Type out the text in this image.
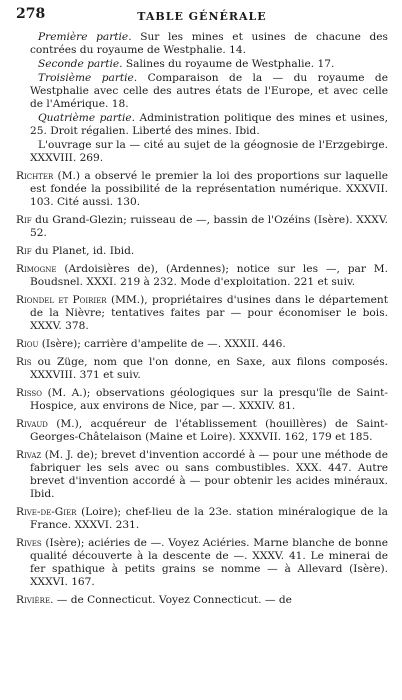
278	TABLE GÉNÉRALE

Première partie. Sur les mines et usines de chacune des contrées du royaume de Westphalie. 14.

Seconde partie. Salines du royaume de Westphalie. 17.

Troisième partie. Comparaison de la — du royaume de Westphalie avec celle des autres états de l'Europe, et avec celle de l'Amérique. 18.

Quatrième partie. Administration politique des mines et usines, 25. Droit régalien. Liberté des mines. Ibid.

L'ouvrage sur la — cité au sujet de la géognosie de l'Erzgebirge. XXXVIII. 269.

Richter (M.) a observé le premier la loi des proportions sur laquelle est fondée la possibilité de la représentation numérique. XXXVII. 103. Cité aussi. 130.

Rif du Grand-Glezin; ruisseau de —, bassin de l'Ozéins (Isère). XXXV. 52.

Rif du Planet, id. Ibid.

Rimogne (Ardoisières de), (Ardennes); notice sur les —, par M. Boudsnel. XXXI. 219 à 232. Mode d'exploitation. 221 et suiv.

Riondel et Poirier (MM.), propriétaires d'usines dans le département de la Nièvre; tentatives faites par — pour économiser le bois. XXXV. 378.

Riou (Isère); carrière d'ampelite de —. XXXII. 446.

Ris ou Züge, nom que l'on donne, en Saxe, aux filons composés. XXXVIII. 371 et suiv.

Risso (M. A.); observations géologiques sur la presqu'île de Saint-Hospice, aux environs de Nice, par —. XXXIV. 81.

Rivaud (M.), acquéreur de l'établissement (houillères) de Saint-Georges-Châtelaison (Maine et Loire). XXXVII. 162, 179 et 185.

Rivaz (M. J. de); brevet d'invention accordé à — pour une méthode de fabriquer les sels avec ou sans combustibles. XXX. 447. Autre brevet d'invention accordé à — pour obtenir les acides minéraux. Ibid.

Rive-de-Gier (Loire); chef-lieu de la 23e. station minéralogique de la France. XXXVI. 231.

Rives (Isère); aciéries de —. Voyez Aciéries. Marne blanche de bonne qualité découverte à la descente de —. XXXV. 41. Le minerai de fer spathique à petits grains se nomme — à Allevard (Isère). XXXVI. 167.

Rivière. — de Connecticut. Voyez Connecticut. — de
